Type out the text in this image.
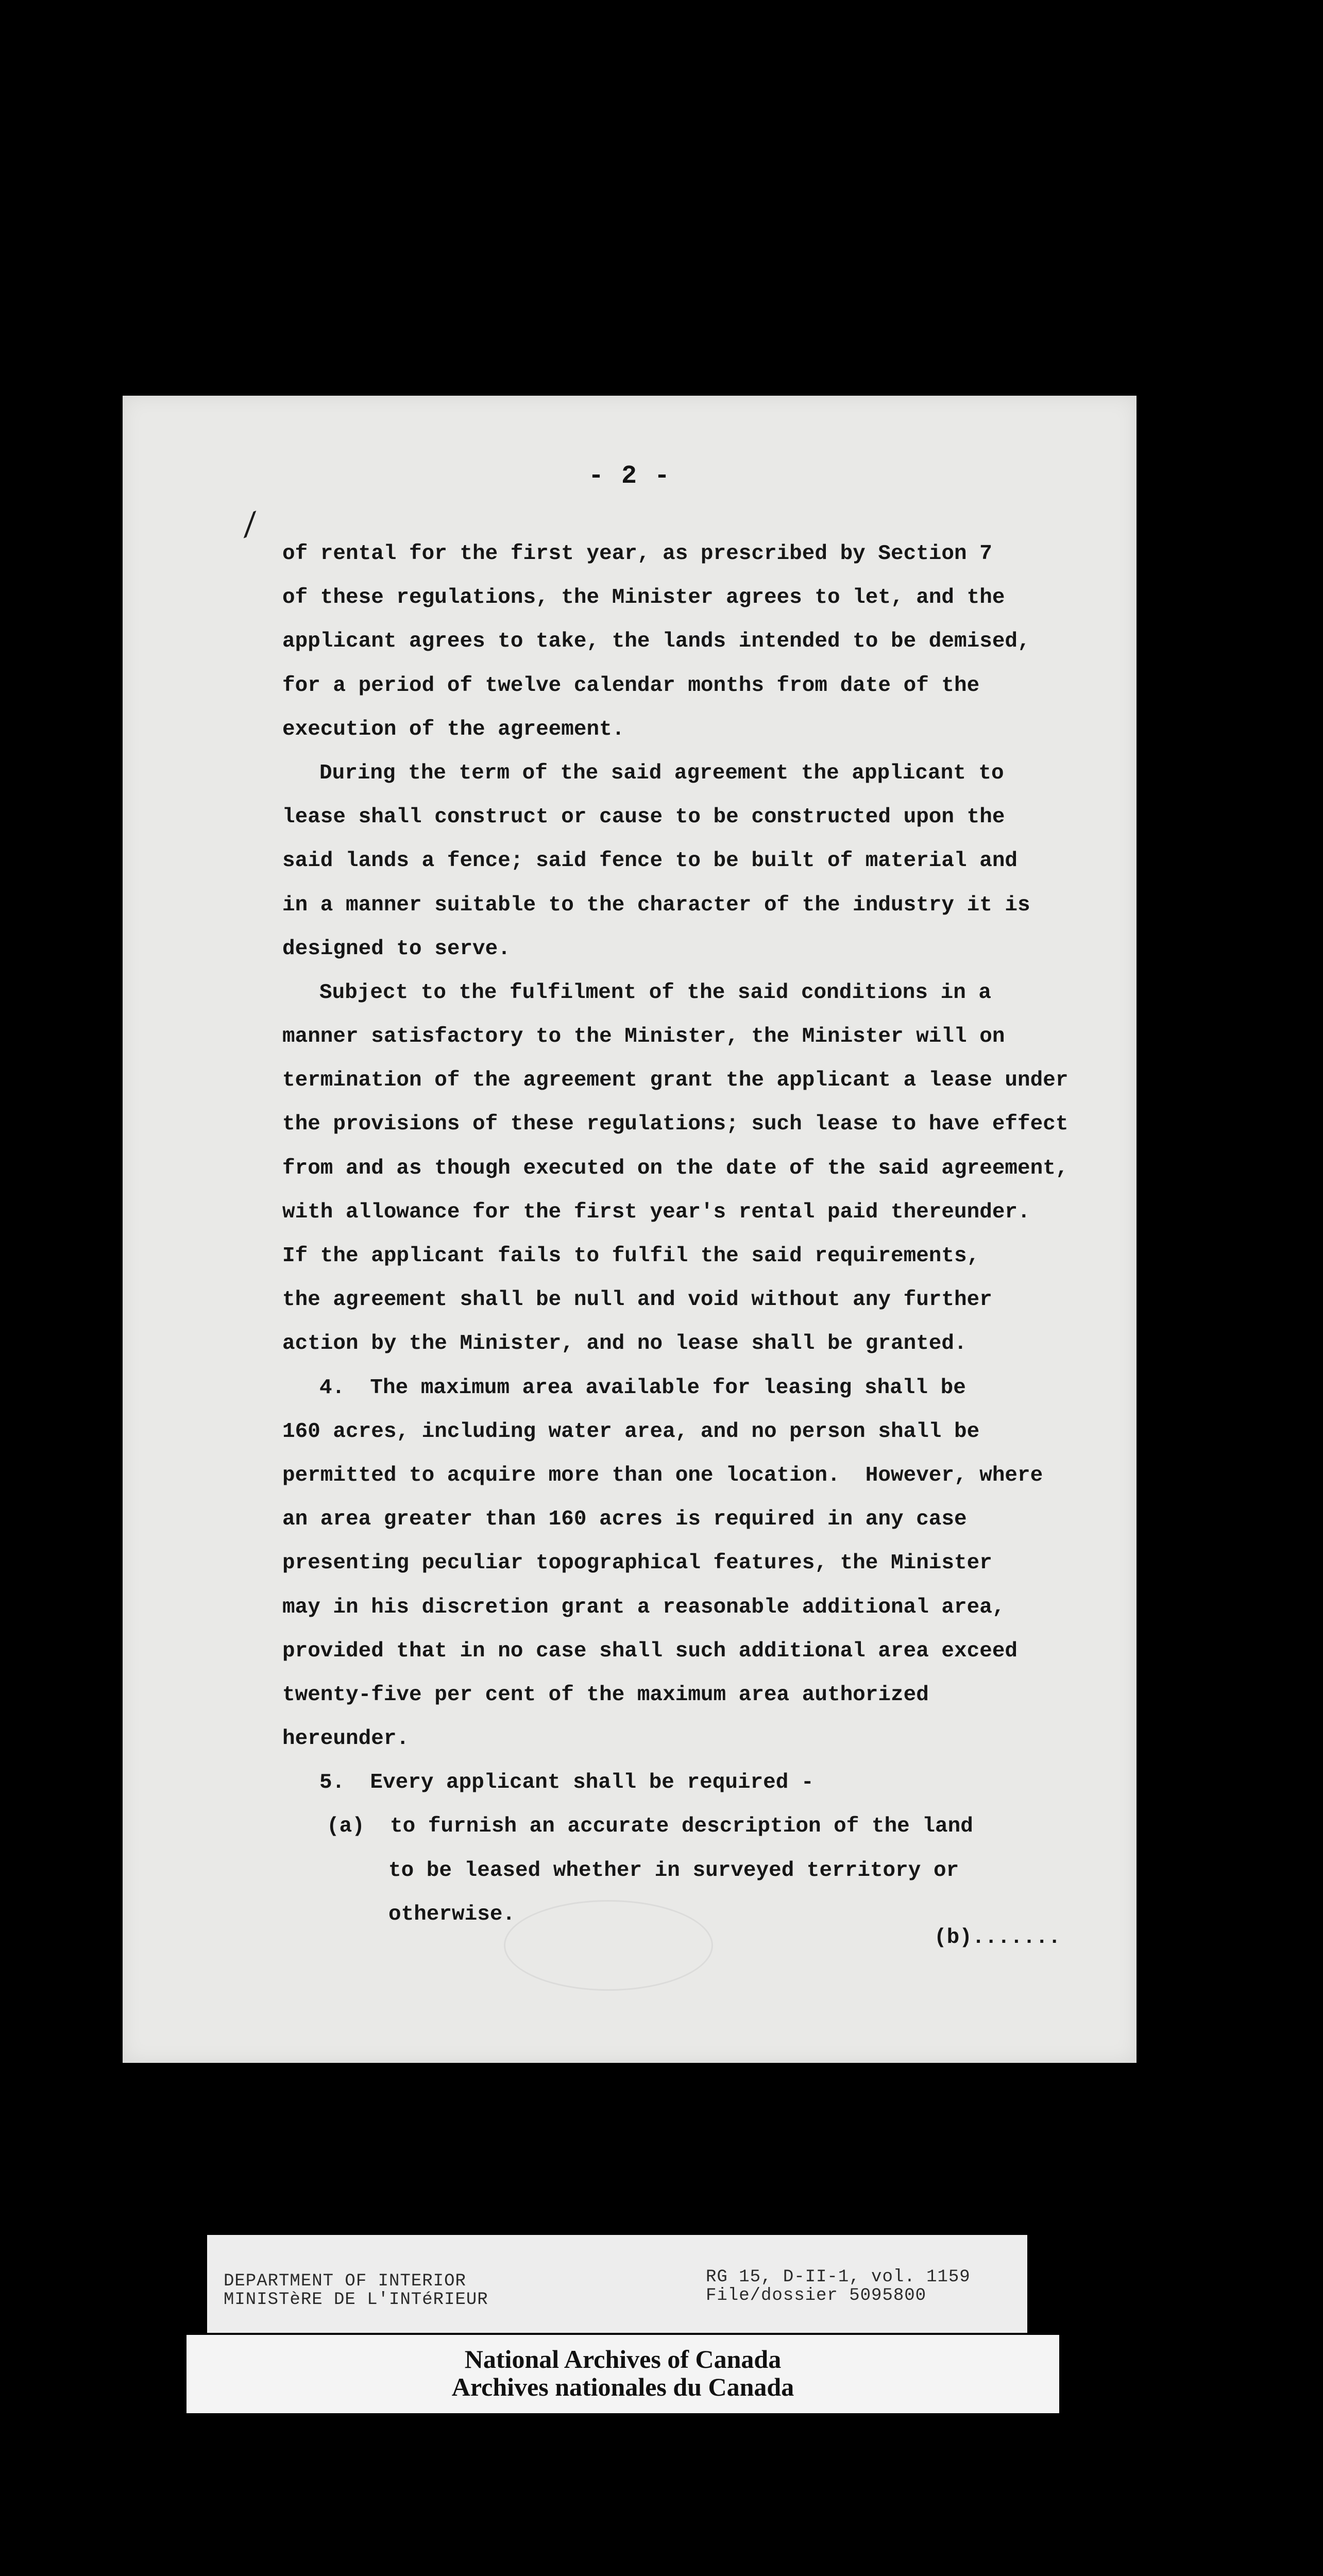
- 2 -
⟋
of rental for the first year, as prescribed by Section 7
of these regulations, the Minister agrees to let, and the
applicant agrees to take, the lands intended to be demised,
for a period of twelve calendar months from date of the
execution of the agreement.
During the term of the said agreement the applicant to
lease shall construct or cause to be constructed upon the
said lands a fence; said fence to be built of material and
in a manner suitable to the character of the industry it is
designed to serve.
Subject to the fulfilment of the said conditions in a
manner satisfactory to the Minister, the Minister will on
termination of the agreement grant the applicant a lease under
the provisions of these regulations; such lease to have effect
from and as though executed on the date of the said agreement,
with allowance for the first year's rental paid thereunder.
If the applicant fails to fulfil the said requirements,
the agreement shall be null and void without any further
action by the Minister, and no lease shall be granted.
4.  The maximum area available for leasing shall be
160 acres, including water area, and no person shall be
permitted to acquire more than one location.  However, where
an area greater than 160 acres is required in any case
presenting peculiar topographical features, the Minister
may in his discretion grant a reasonable additional area,
provided that in no case shall such additional area exceed
twenty-five per cent of the maximum area authorized
hereunder.
5.  Every applicant shall be required -
(a)  to furnish an accurate description of the land
to be leased whether in surveyed territory or
otherwise.
(b).......
DEPARTMENT OF INTERIOR
MINISTèRE DE L'INTéRIEUR
RG 15, D-II-1, vol. 1159
File/dossier 5095800
National Archives of Canada
Archives nationales du Canada
